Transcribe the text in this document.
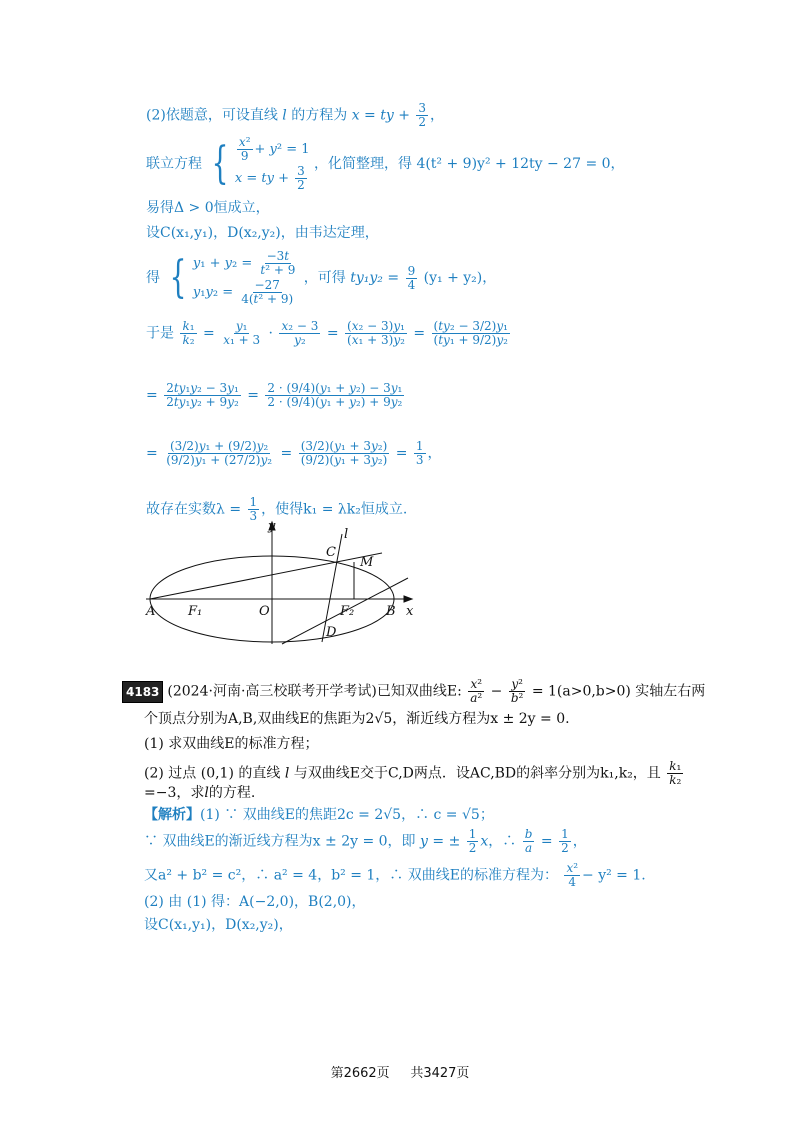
(2)依题意，可设直线 l 的方程为 x = ty + $\frac{3}{2}$ ，
联立方程 { $\frac{\text{x²}}{9} + y^2 = 1$
x = ty + $\frac{3}{2}$
，化简整理，得 4(t² + 9)y² + 12ty − 27 = 0，
易得Δ > 0恒成立，
设C(x₁,y₁)，D(x₂,y₂)，由韦达定理，
得 { $y_1 + y_2 = \frac{-3t}{\text{t² + 9}}$
$y_1y_2 = \frac{-27}{\text{4(t² + 9)}}$
，可得 $ty_1y_2 = \frac{9}{4} (y_1 + y_2)$，
于是 $\frac{\text{k₁}}{\text{k₂}} = \frac{\text{y₁}}{\text{x₁ + 3}} \cdot \frac{\text{x₂ − 3}}{\text{y₂}} = \frac{\text{(x₂ − 3)y₁}}{\text{(x₁ + 3)y₂}} = \frac{\text{(ty₂ − 3/2)y₁}}{\text{(ty₁ + 9/2)y₂}}$
= $\frac{\text{2ty₁y₂ − 3y₁}}{\text{2ty₁y₂ + 9y₂}} = \frac{\text{2 · (9/4)(y₁ + y₂) − 3y₁}}{\text{2 · (9/4)(y₁ + y₂) + 9y₂}}$
= $\frac{\text{(3/2)y₁ + (9/2)y₂}}{\text{(9/2)y₁ + (27/2)y₂}} = \frac{\text{(3/2)(y₁ + 3y₂)}}{\text{(9/2)(y₁ + 3y₂)}} = \frac{1}{3}$ ，
故存在实数$\lambda = \frac{1}{3}$ ，使得k₁ = λk₂恒成立.
y
x
O
A	B
C
D
M
l
F₁	F₂
4183 (2024·河南·高三校联考开学考试)已知双曲线E: $\frac{\text{x²}}{\text{a²}} - \frac{\text{y²}}{\text{b²}} = 1(a>0,b>0)$ 实轴左右两
个顶点分别为A,B,双曲线E的焦距为2√5，渐近线方程为x ± 2y = 0.
(1) 求双曲线E的标准方程；
(2) 过点 (0,1) 的直线 l 与双曲线E交于C,D两点．设AC,BD的斜率分别为k₁,k₂，且 $\frac{\text{k₁}}{\text{k₂}}$
=−3，求l的方程.
【解析】(1) ∵ 双曲线E的焦距2c = 2√5，∴ c = √5；
∵ 双曲线E的渐近线方程为x ± 2y = 0，即 y = ± $\frac{1}{2}$ x，∴ $\frac{b}{a} = \frac{1}{2}$ ，
又a² + b² = c²，∴ a² = 4，b² = 1，∴ 双曲线E的标准方程为： $\frac{\text{x²}}{4} - y^2 = 1$.
(2) 由 (1) 得：A(−2,0)，B(2,0)，
设C(x₁,y₁)，D(x₂,y₂)，
第2662页 共3427页
